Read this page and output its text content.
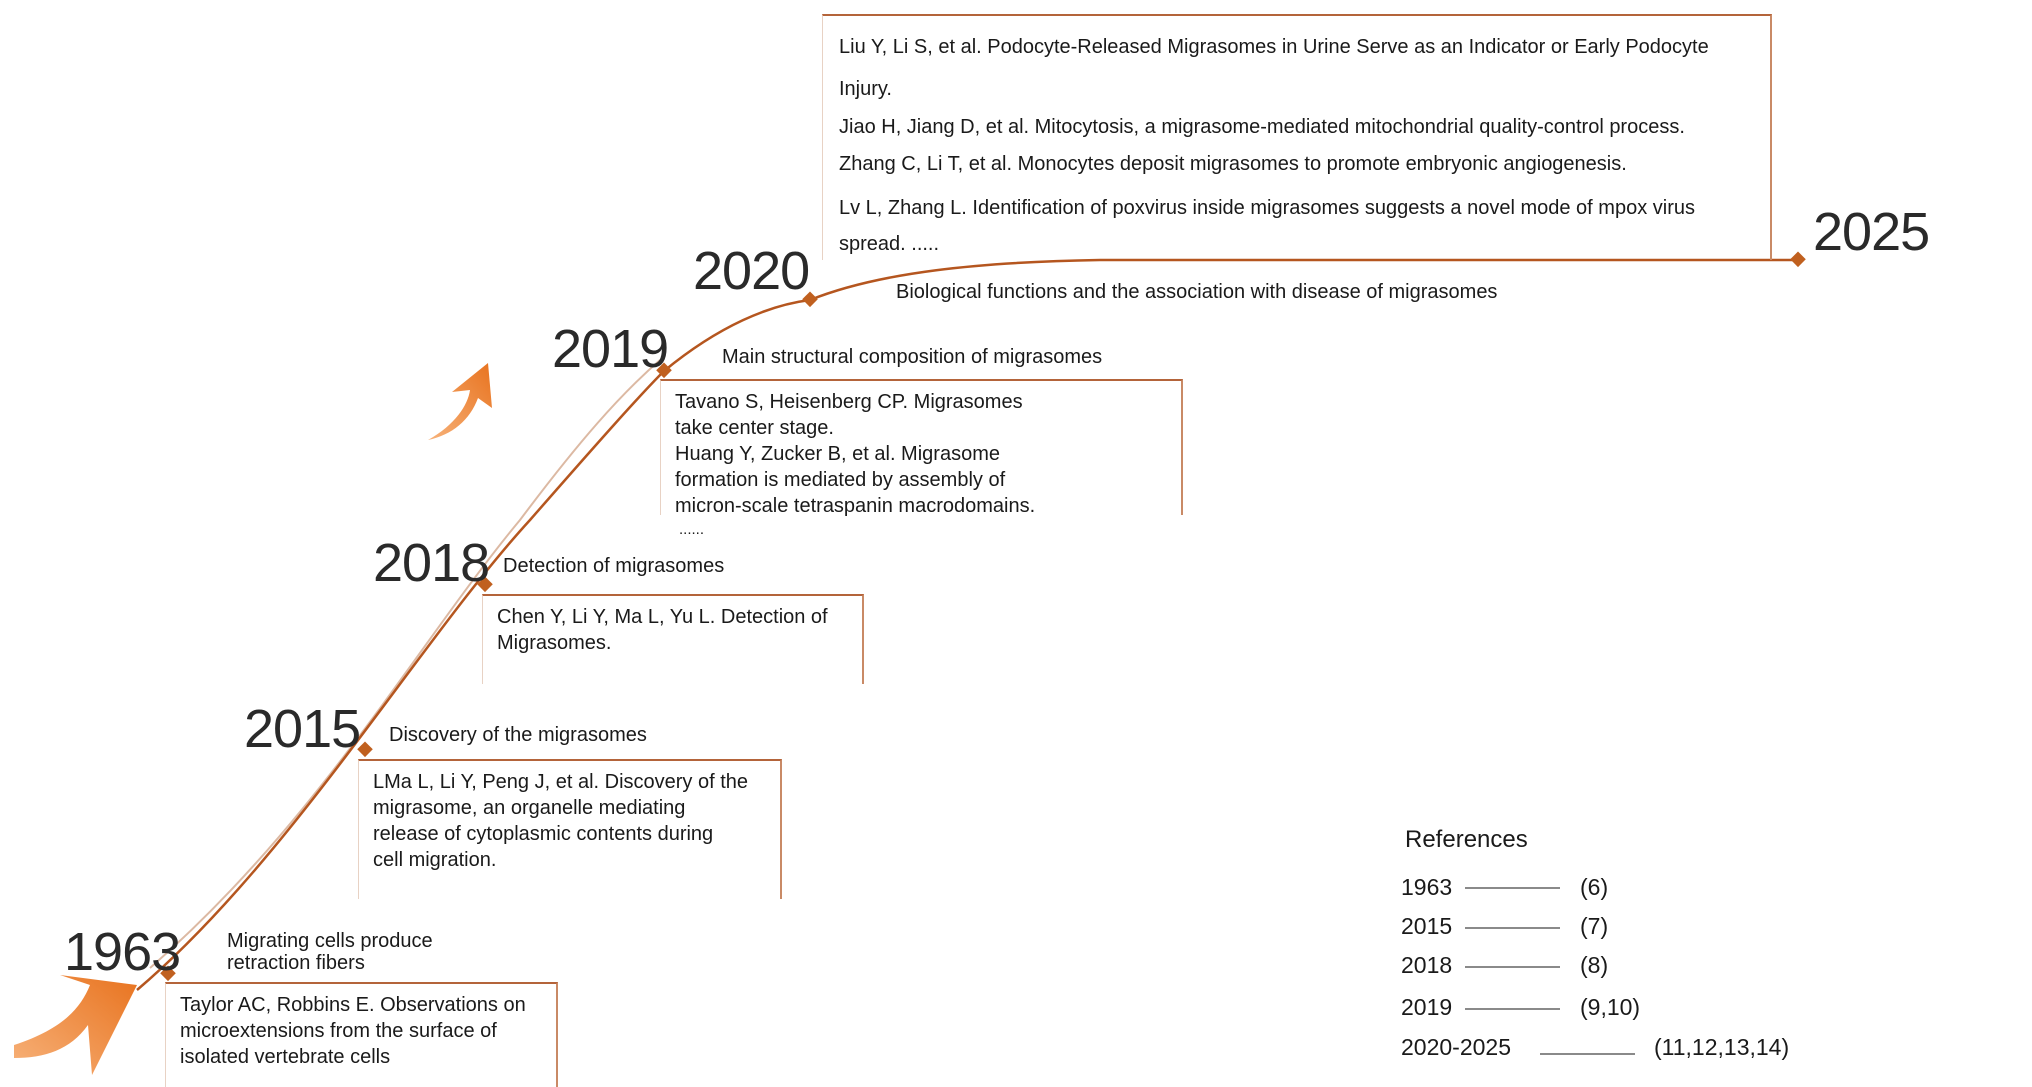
1963
2015
2018
2019
2020
2025
Migrating cells produce
retraction fibers
Discovery of the migrasomes
Detection of migrasomes
Main structural composition of migrasomes
Biological functions and the association with disease of migrasomes
Taylor AC, Robbins E. Observations on
microextensions from the surface of
isolated vertebrate cells
LMa L, Li Y, Peng J, et al. Discovery of the
migrasome, an organelle mediating
release of cytoplasmic contents during
cell migration.
Chen Y, Li Y, Ma L, Yu L. Detection of
Migrasomes.
Tavano S, Heisenberg CP. Migrasomes
take center stage.
Huang Y, Zucker B, et al. Migrasome
formation is mediated by assembly of
micron-scale tetraspanin macrodomains.
......
Liu Y, Li S, et al. Podocyte-Released Migrasomes in Urine Serve as an Indicator or Early Podocyte
Injury.
Jiao H, Jiang D, et al. Mitocytosis, a migrasome-mediated mitochondrial quality-control process.
Zhang C, Li T, et al. Monocytes deposit migrasomes to promote embryonic angiogenesis.
Lv L, Zhang L. Identification of poxvirus inside migrasomes suggests a novel mode of mpox virus
spread. .....
References
1963	(6)
2015	(7)
2018	(8)
2019	(9,10)
2020-2025	(11,12,13,14)
